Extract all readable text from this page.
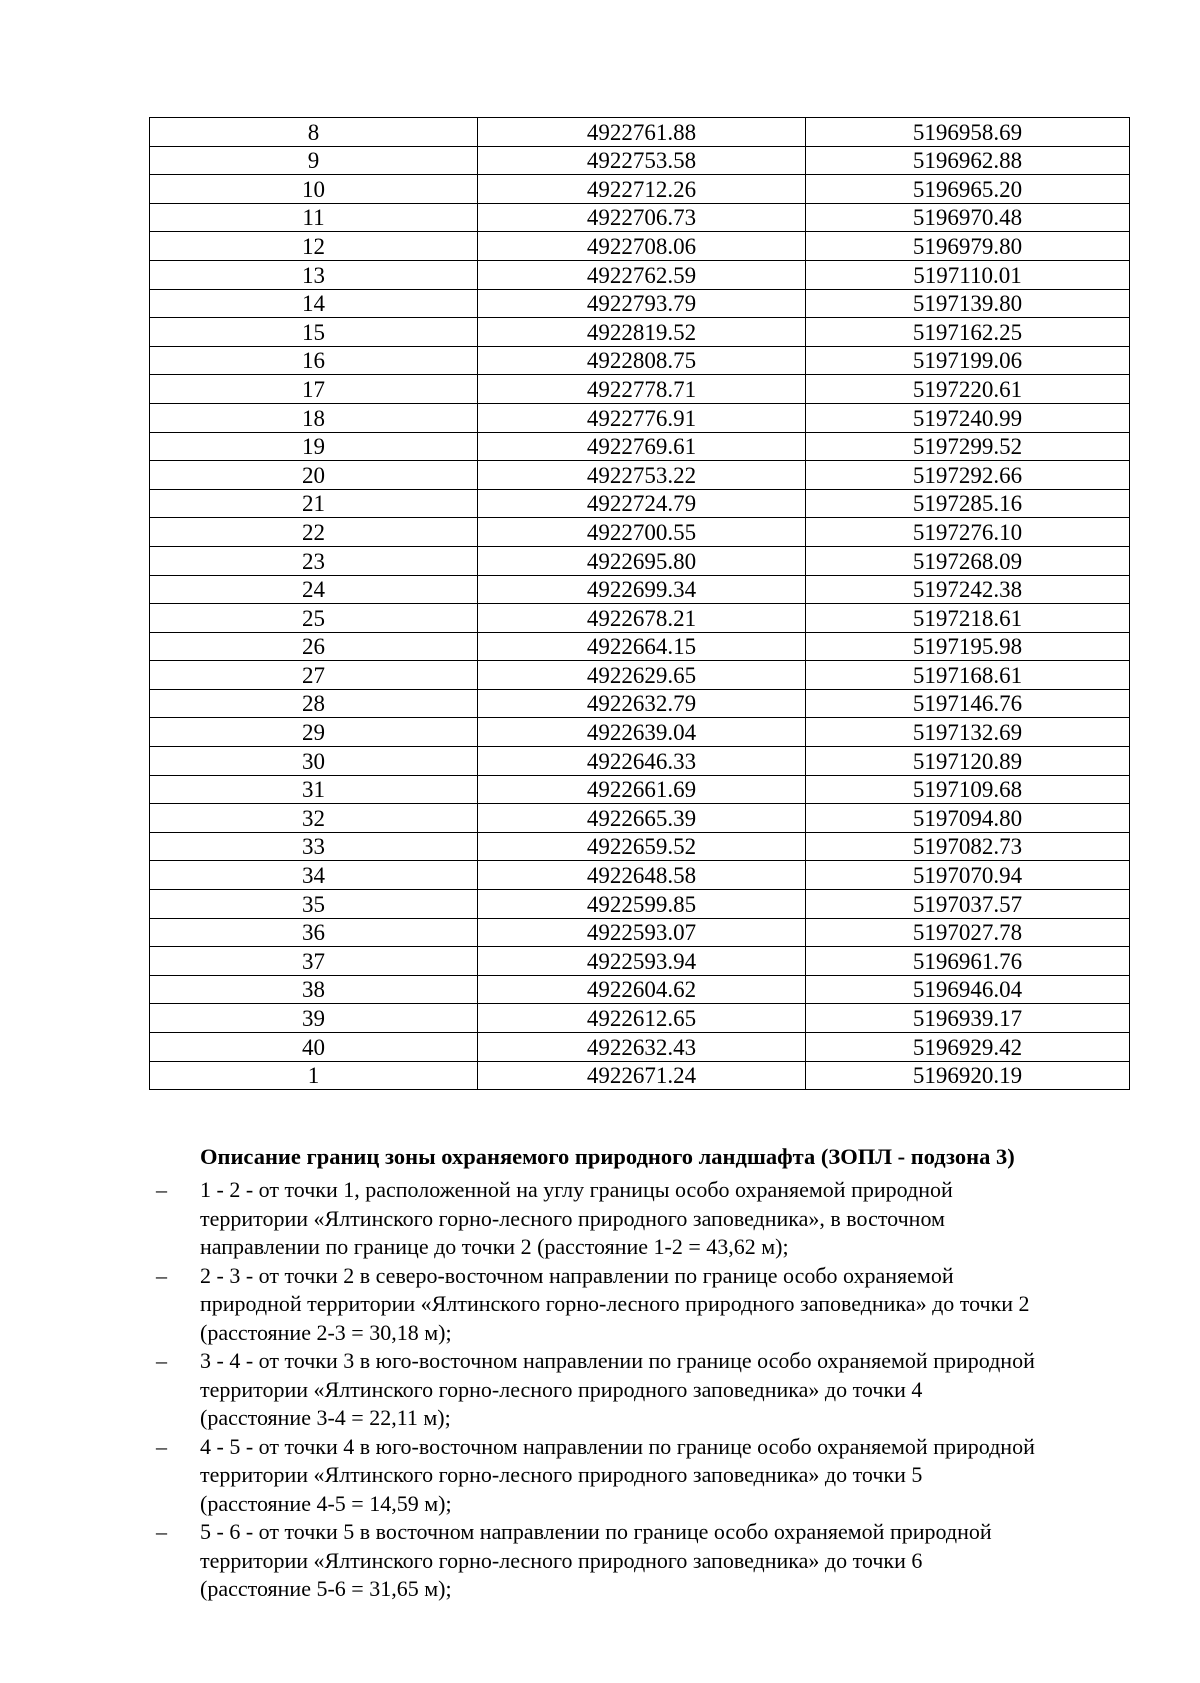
8	4922761.88	5196958.69
9	4922753.58	5196962.88
10	4922712.26	5196965.20
11	4922706.73	5196970.48
12	4922708.06	5196979.80
13	4922762.59	5197110.01
14	4922793.79	5197139.80
15	4922819.52	5197162.25
16	4922808.75	5197199.06
17	4922778.71	5197220.61
18	4922776.91	5197240.99
19	4922769.61	5197299.52
20	4922753.22	5197292.66
21	4922724.79	5197285.16
22	4922700.55	5197276.10
23	4922695.80	5197268.09
24	4922699.34	5197242.38
25	4922678.21	5197218.61
26	4922664.15	5197195.98
27	4922629.65	5197168.61
28	4922632.79	5197146.76
29	4922639.04	5197132.69
30	4922646.33	5197120.89
31	4922661.69	5197109.68
32	4922665.39	5197094.80
33	4922659.52	5197082.73
34	4922648.58	5197070.94
35	4922599.85	5197037.57
36	4922593.07	5197027.78
37	4922593.94	5196961.76
38	4922604.62	5196946.04
39	4922612.65	5196939.17
40	4922632.43	5196929.42
1	4922671.24	5196920.19
Описание границ зоны охраняемого природного ландшафта (ЗОПЛ - подзона 3)
– 1 - 2 - от точки 1, расположенной на углу границы особо охраняемой природной
территории «Ялтинского горно-лесного природного заповедника», в восточном
направлении по границе до точки 2 (расстояние 1-2 = 43,62 м);
– 2 - 3 - от точки 2 в северо-восточном направлении по границе особо охраняемой
природной территории «Ялтинского горно-лесного природного заповедника» до точки 2
(расстояние 2-3 = 30,18 м);
– 3 - 4 - от точки 3 в юго-восточном направлении по границе особо охраняемой природной
территории «Ялтинского горно-лесного природного заповедника» до точки 4
(расстояние 3-4 = 22,11 м);
– 4 - 5 - от точки 4 в юго-восточном направлении по границе особо охраняемой природной
территории «Ялтинского горно-лесного природного заповедника» до точки 5
(расстояние 4-5 = 14,59 м);
– 5 - 6 - от точки 5 в восточном направлении по границе особо охраняемой природной
территории «Ялтинского горно-лесного природного заповедника» до точки 6
(расстояние 5-6 = 31,65 м);
